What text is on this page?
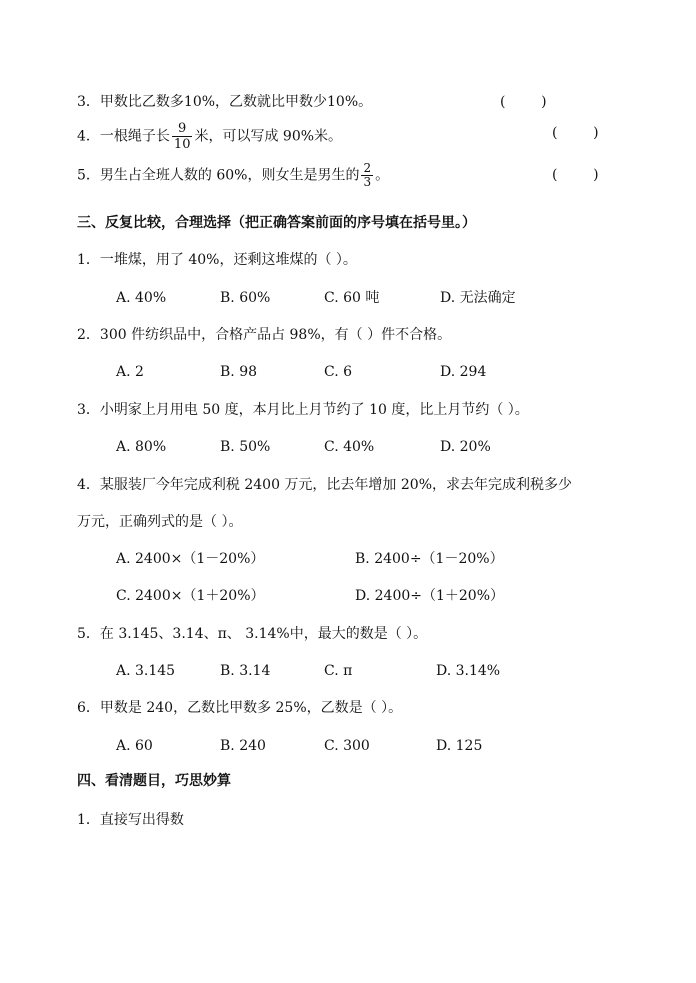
3．甲数比乙数多10%，乙数就比甲数少10%。	(        )
4．一根绳子长 $\frac{9}{10}$ 米，可以写成 90%米。	(        )
5．男生占全班人数的 60%，则女生是男生的 $\frac{2}{3}$ 。	(        )
三、反复比较，合理选择（把正确答案前面的序号填在括号里。）
1．一堆煤，用了 40%，还剩这堆煤的（ ）。
A. 40%	B. 60%	C. 60 吨	D. 无法确定
2．300 件纺织品中，合格产品占 98%，有（ ）件不合格。
A. 2	B. 98	C. 6	D. 294
3．小明家上月用电 50 度，本月比上月节约了 10 度，比上月节约（ ）。
A. 80%	B. 50%	C. 40%	D. 20%
4．某服装厂今年完成利税 2400 万元，比去年增加 20%，求去年完成利税多少
万元，正确列式的是（ ）。
A. 2400×（1－20%）	B. 2400÷（1－20%）
C. 2400×（1＋20%）	D. 2400÷（1＋20%）
5．在 3.145、3.14、π、 3.14%中，最大的数是（ ）。
A. 3.145	B. 3.14	C. π	D. 3.14%
6．甲数是 240，乙数比甲数多 25%，乙数是（ ）。
A. 60	B. 240	C. 300	D. 125
四、看清题目，巧思妙算
1．直接写出得数
